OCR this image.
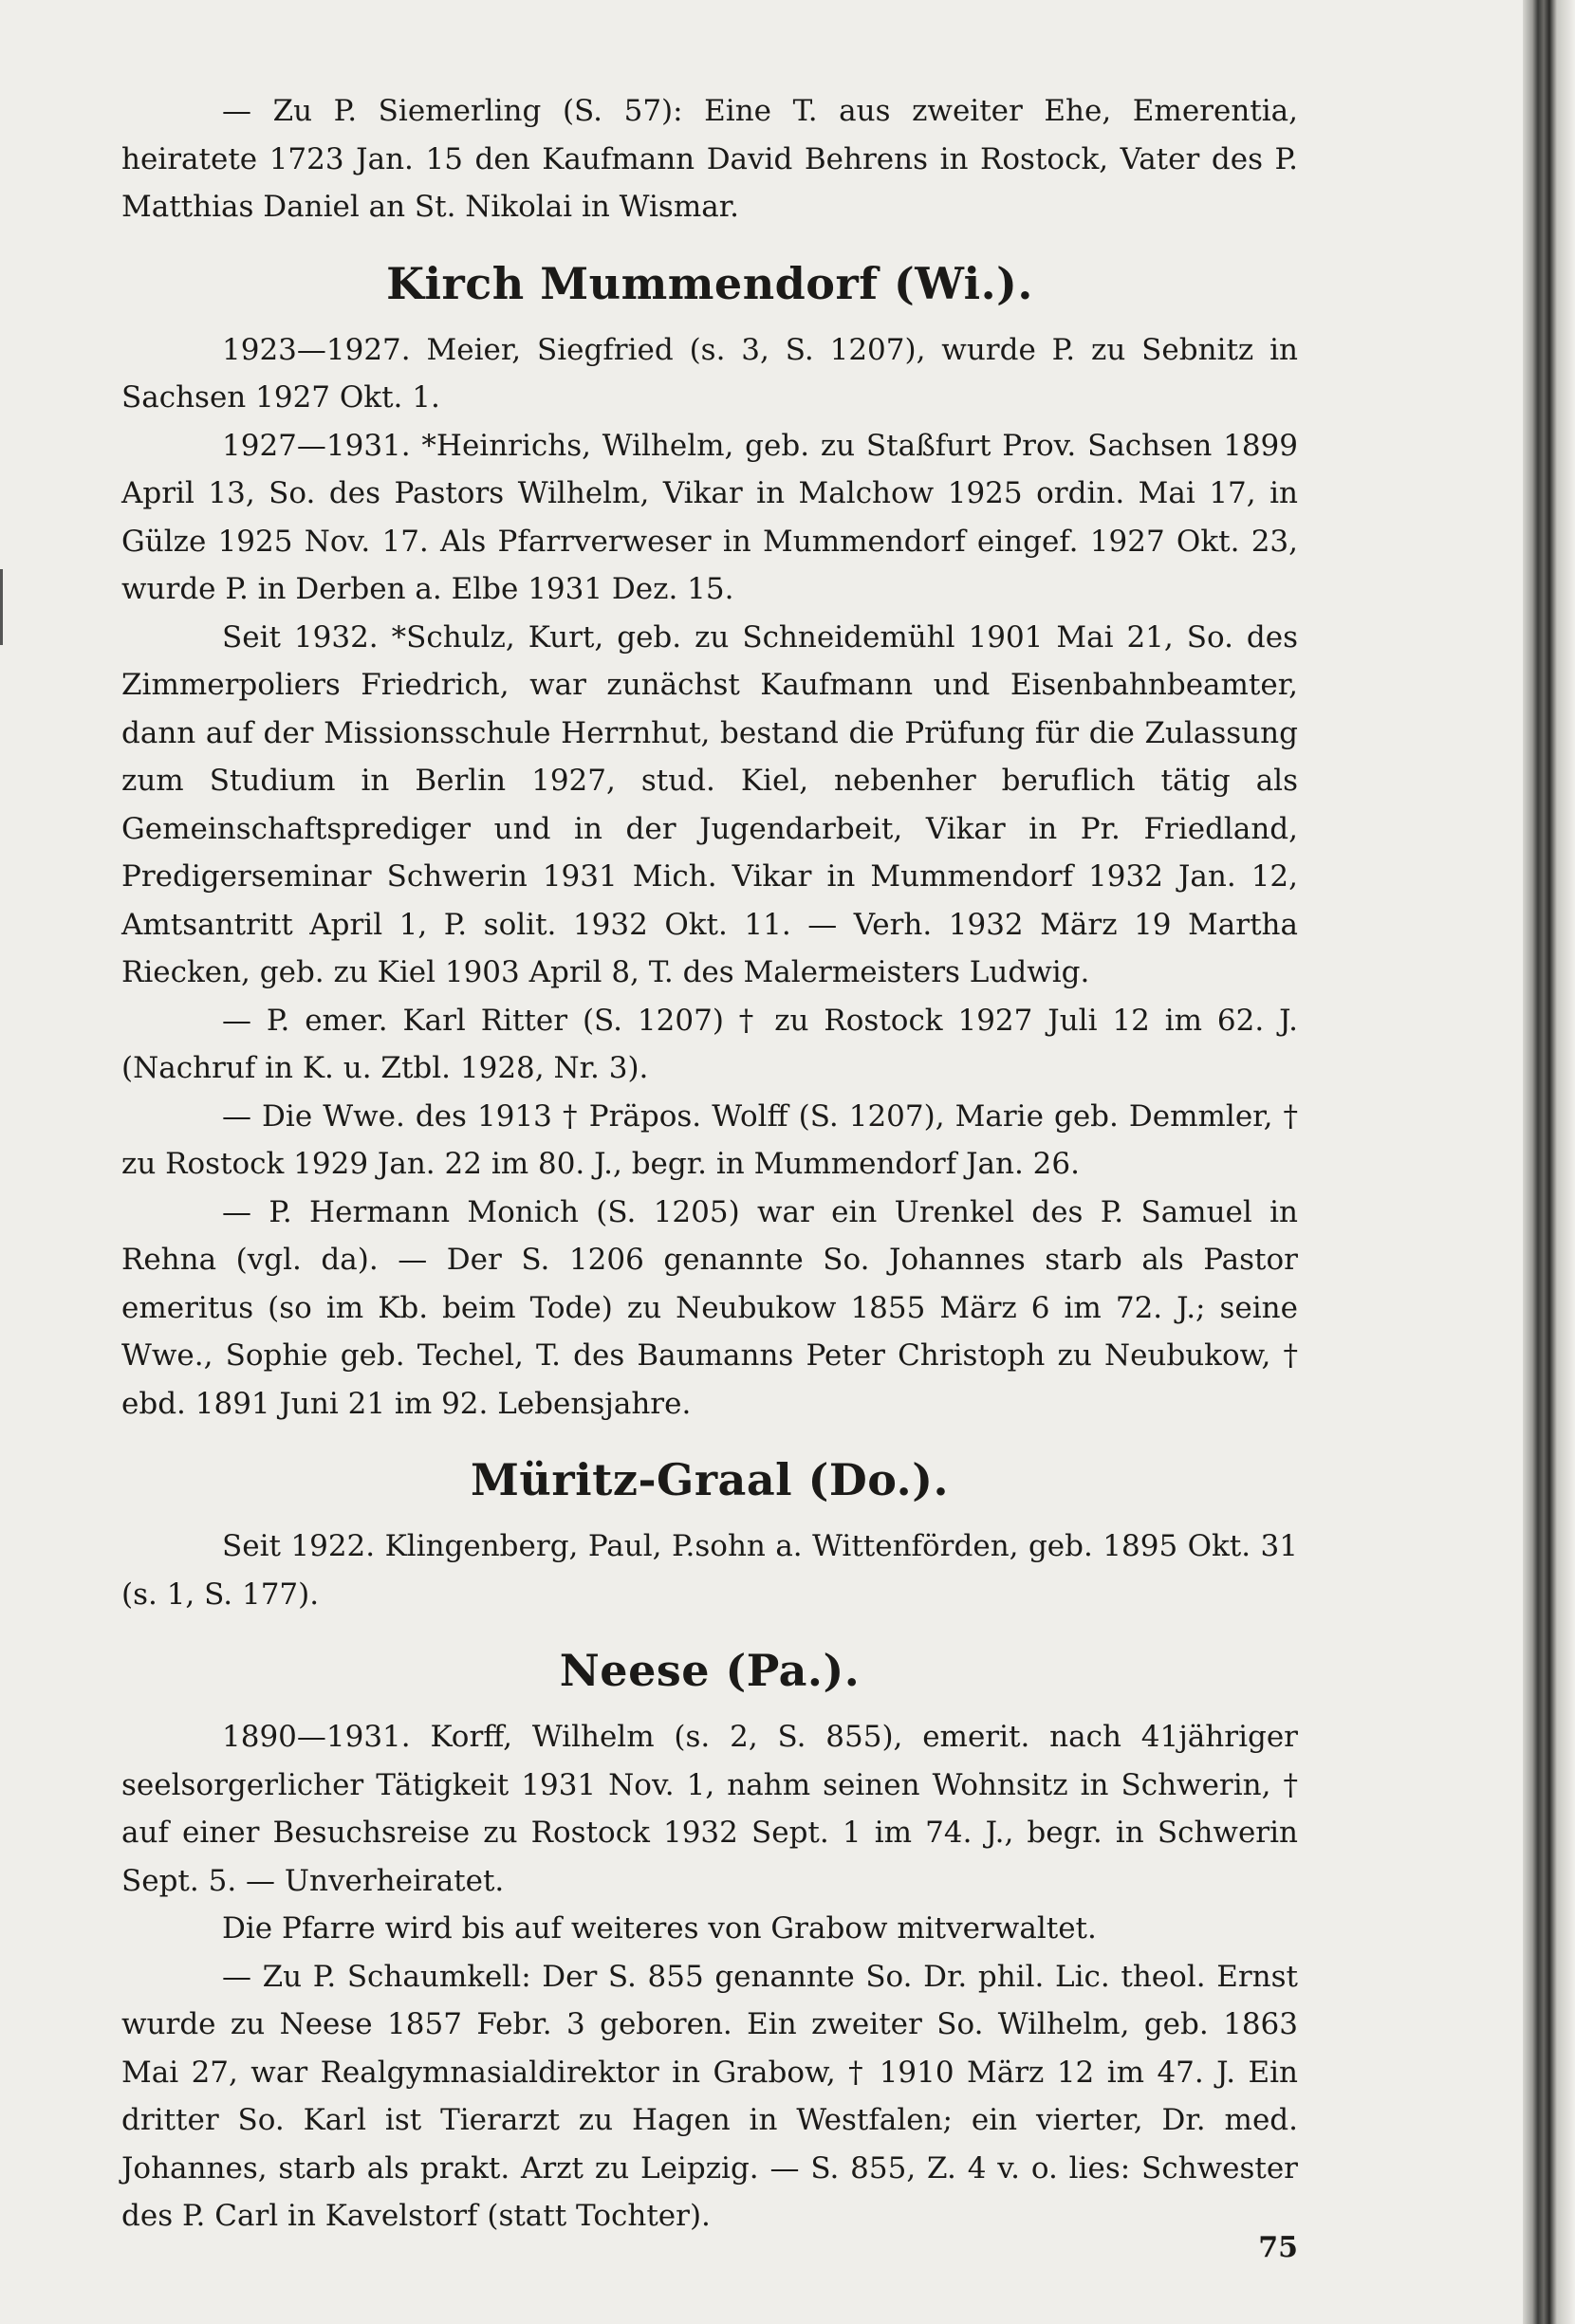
— Zu P. Siemerling (S. 57): Eine T. aus zweiter Ehe, Emerentia, heiratete 1723 Jan. 15 den Kaufmann David Behrens in Rostock, Vater des P. Matthias Daniel an St. Nikolai in Wismar.

Kirch Mummendorf (Wi.).

1923—1927. Meier, Siegfried (s. 3, S. 1207), wurde P. zu Sebnitz in Sachsen 1927 Okt. 1.

1927—1931. *Heinrichs, Wilhelm, geb. zu Staßfurt Prov. Sachsen 1899 April 13, So. des Pastors Wilhelm, Vikar in Malchow 1925 ordin. Mai 17, in Gülze 1925 Nov. 17. Als Pfarrverweser in Mummendorf eingef. 1927 Okt. 23, wurde P. in Derben a. Elbe 1931 Dez. 15.

Seit 1932. *Schulz, Kurt, geb. zu Schneidemühl 1901 Mai 21, So. des Zimmerpoliers Friedrich, war zunächst Kaufmann und Eisenbahnbeamter, dann auf der Missionsschule Herrnhut, bestand die Prüfung für die Zulassung zum Studium in Berlin 1927, stud. Kiel, nebenher beruflich tätig als Gemeinschaftsprediger und in der Jugendarbeit, Vikar in Pr. Friedland, Predigerseminar Schwerin 1931 Mich. Vikar in Mummendorf 1932 Jan. 12, Amtsantritt April 1, P. solit. 1932 Okt. 11. — Verh. 1932 März 19 Martha Riecken, geb. zu Kiel 1903 April 8, T. des Malermeisters Ludwig.

— P. emer. Karl Ritter (S. 1207) † zu Rostock 1927 Juli 12 im 62. J. (Nachruf in K. u. Ztbl. 1928, Nr. 3).

— Die Wwe. des 1913 † Präpos. Wolff (S. 1207), Marie geb. Demmler, † zu Rostock 1929 Jan. 22 im 80. J., begr. in Mummendorf Jan. 26.

— P. Hermann Monich (S. 1205) war ein Urenkel des P. Samuel in Rehna (vgl. da). — Der S. 1206 genannte So. Johannes starb als Pastor emeritus (so im Kb. beim Tode) zu Neubukow 1855 März 6 im 72. J.; seine Wwe., Sophie geb. Techel, T. des Baumanns Peter Christoph zu Neubukow, † ebd. 1891 Juni 21 im 92. Lebensjahre.

Müritz-Graal (Do.).

Seit 1922. Klingenberg, Paul, P.sohn a. Wittenförden, geb. 1895 Okt. 31 (s. 1, S. 177).

Neese (Pa.).

1890—1931. Korff, Wilhelm (s. 2, S. 855), emerit. nach 41jähriger seelsorgerlicher Tätigkeit 1931 Nov. 1, nahm seinen Wohnsitz in Schwerin, † auf einer Besuchsreise zu Rostock 1932 Sept. 1 im 74. J., begr. in Schwerin Sept. 5. — Unverheiratet.

Die Pfarre wird bis auf weiteres von Grabow mitverwaltet.

— Zu P. Schaumkell: Der S. 855 genannte So. Dr. phil. Lic. theol. Ernst wurde zu Neese 1857 Febr. 3 geboren. Ein zweiter So. Wilhelm, geb. 1863 Mai 27, war Realgymnasialdirektor in Grabow, † 1910 März 12 im 47. J. Ein dritter So. Karl ist Tierarzt zu Hagen in Westfalen; ein vierter, Dr. med. Johannes, starb als prakt. Arzt zu Leipzig. — S. 855, Z. 4 v. o. lies: Schwester des P. Carl in Kavelstorf (statt Tochter).

75
